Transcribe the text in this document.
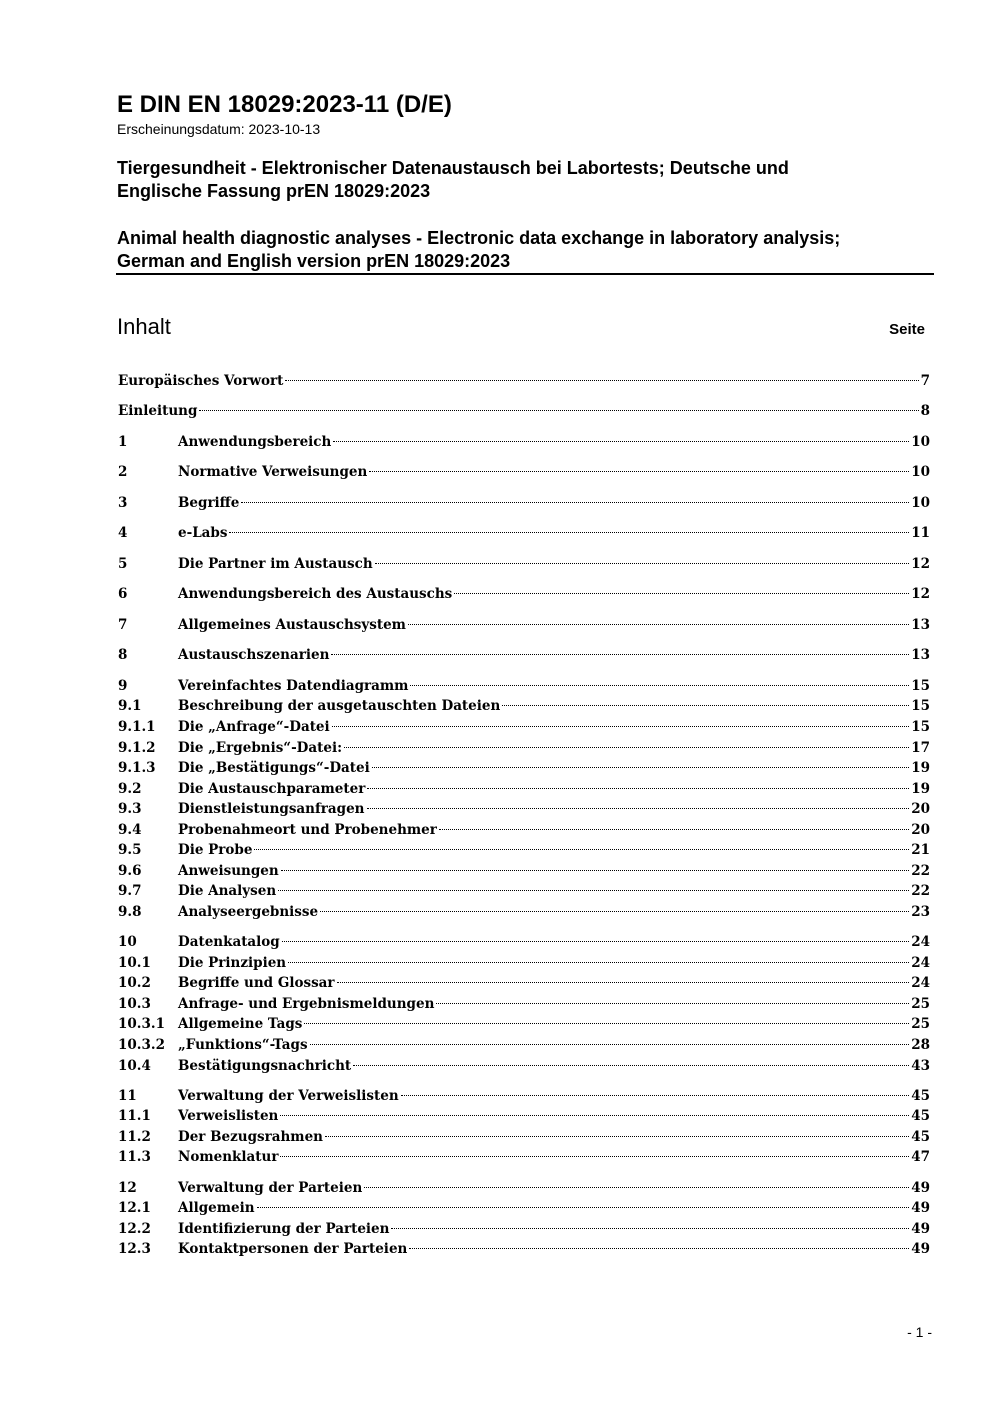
E DIN EN 18029:2023-11 (D/E)
Erscheinungsdatum: 2023-10-13
Tiergesundheit - Elektronischer Datenaustausch bei Labortests; Deutsche und
Englische Fassung prEN 18029:2023
Animal health diagnostic analyses - Electronic data exchange in laboratory analysis;
German and English version prEN 18029:2023
Inhalt	Seite
Europäisches Vorwort	7
Einleitung	8
1	Anwendungsbereich	10
2	Normative Verweisungen	10
3	Begriffe	10
4	e-Labs	11
5	Die Partner im Austausch	12
6	Anwendungsbereich des Austauschs	12
7	Allgemeines Austauschsystem	13
8	Austauschszenarien	13
9	Vereinfachtes Datendiagramm	15
9.1	Beschreibung der ausgetauschten Dateien	15
9.1.1	Die „Anfrage“-Datei	15
9.1.2	Die „Ergebnis“-Datei:	17
9.1.3	Die „Bestätigungs“-Datei	19
9.2	Die Austauschparameter	19
9.3	Dienstleistungsanfragen	20
9.4	Probenahmeort und Probenehmer	20
9.5	Die Probe	21
9.6	Anweisungen	22
9.7	Die Analysen	22
9.8	Analyseergebnisse	23
10	Datenkatalog	24
10.1	Die Prinzipien	24
10.2	Begriffe und Glossar	24
10.3	Anfrage- und Ergebnismeldungen	25
10.3.1 Allgemeine Tags	25
10.3.2 „Funktions“-Tags	28
10.4	Bestätigungsnachricht	43
11	Verwaltung der Verweislisten	45
11.1	Verweislisten	45
11.2	Der Bezugsrahmen	45
11.3	Nomenklatur	47
12	Verwaltung der Parteien	49
12.1	Allgemein	49
12.2	Identifizierung der Parteien	49
12.3	Kontaktpersonen der Parteien	49
- 1 -
